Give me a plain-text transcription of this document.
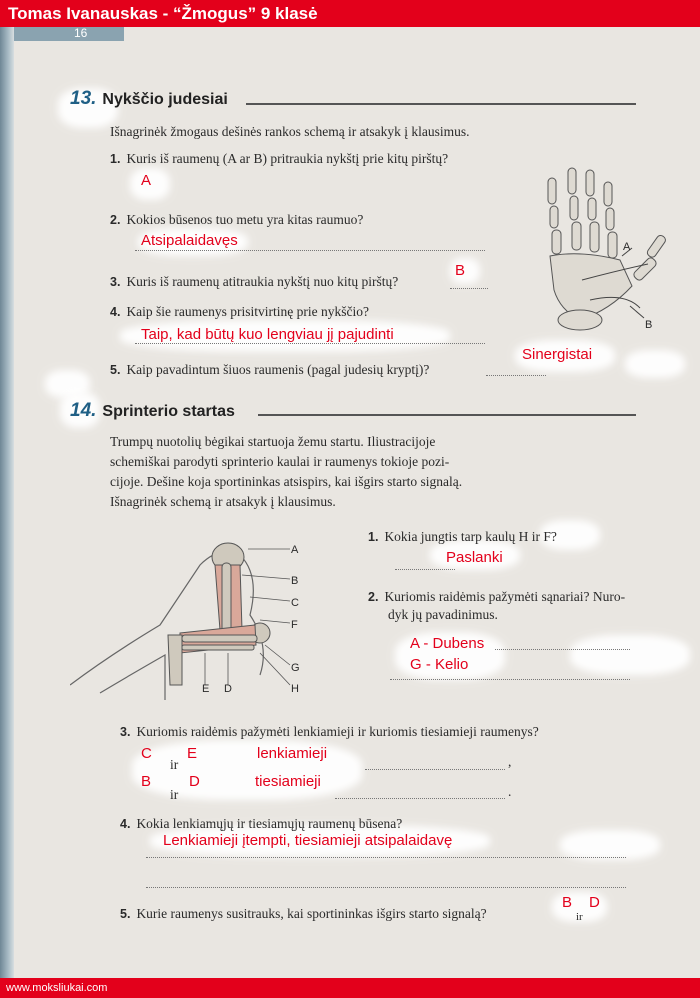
Tomas Ivanauskas - “Žmogus” 9 klasė
16
www.moksliukai.com
13. Nykščio judesiai
Išnagrinėk žmogaus dešinės rankos schemą ir atsakyk į klausimus.
1. Kuris iš raumenų (A ar B) pritraukia nykštį prie kitų pirštų?
A
2. Kokios būsenos tuo metu yra kitas raumuo?
Atsipalaidavęs
3. Kuris iš raumenų atitraukia nykštį nuo kitų pirštų?
B
4. Kaip šie raumenys prisitvirtinę prie nykščio?
Taip, kad būtų kuo lengviau jį pajudinti
5. Kaip pavadintum šiuos raumenis (pagal judesių kryptį)?
Sinergistai
A
B
14. Sprinterio startas
Trumpų nuotolių bėgikai startuoja žemu startu. Iliustracijoje
schemiškai parodyti sprinterio kaulai ir raumenys tokioje pozi-
cijoje. Dešine koja sportininkas atsispirs, kai išgirs starto signalą.
Išnagrinėk schemą ir atsakyk į klausimus.
A
B
C
F
G
H
E D
1. Kokia jungtis tarp kaulų H ir F?
Paslanki
2. Kuriomis raidėmis pažymėti sąnariai? Nuro-
dyk jų pavadinimus.
A - Dubens
G - Kelio
3. Kuriomis raidėmis pažymėti lenkiamieji ir kuriomis tiesiamieji raumenys?
C E
ir
lenkiamieji	,
B	D
ir
tiesiamieji
.
4. Kokia lenkiamųjų ir tiesiamųjų raumenų būsena?
Lenkiamieji įtempti, tiesiamieji atsipalaidavę
5. Kurie raumenys susitrauks, kai sportininkas išgirs starto signalą?
B
ir
D
